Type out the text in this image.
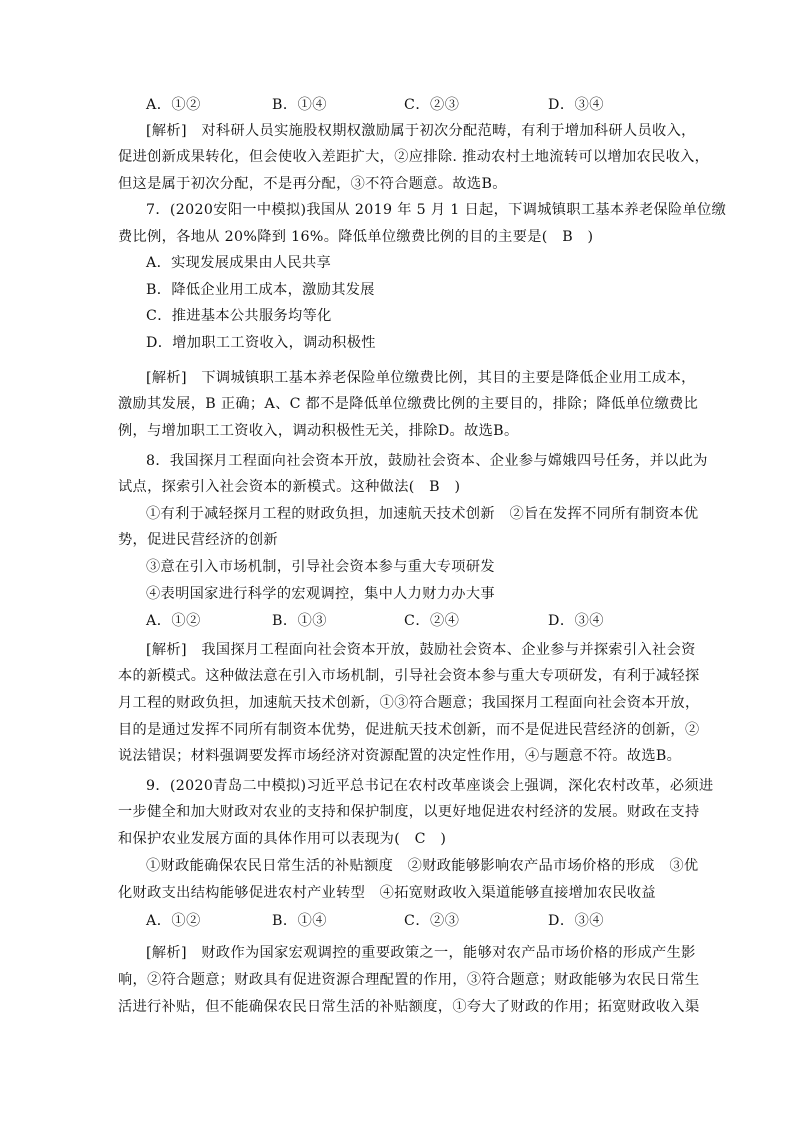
A．①②	B．①④	C．②③	D．③④
[解析]　对科研人员实施股权期权激励属于初次分配范畴，有利于增加科研人员收入，
促进创新成果转化，但会使收入差距扩大，②应排除. 推动农村土地流转可以增加农民收入，
但这是属于初次分配，不是再分配，③不符合题意。故选B。
7．(2020安阳一中模拟)我国从 2019 年 5 月 1 日起，下调城镇职工基本养老保险单位缴
费比例，各地从 20%降到 16%。降低单位缴费比例的目的主要是(　B　)
A．实现发展成果由人民共享
B．降低企业用工成本，激励其发展
C．推进基本公共服务均等化
D．增加职工工资收入，调动积极性
[解析]　下调城镇职工基本养老保险单位缴费比例，其目的主要是降低企业用工成本，
激励其发展，B 正确；A、C 都不是降低单位缴费比例的主要目的，排除；降低单位缴费比
例，与增加职工工资收入，调动积极性无关，排除D。故选B。
8．我国探月工程面向社会资本开放，鼓励社会资本、企业参与嫦娥四号任务，并以此为
试点，探索引入社会资本的新模式。这种做法(　B　)
①有利于减轻探月工程的财政负担，加速航天技术创新　②旨在发挥不同所有制资本优
势，促进民营经济的创新
③意在引入市场机制，引导社会资本参与重大专项研发
④表明国家进行科学的宏观调控，集中人力财力办大事
A．①②	B．①③	C．②④	D．③④
[解析]　我国探月工程面向社会资本开放，鼓励社会资本、企业参与并探索引入社会资
本的新模式。这种做法意在引入市场机制，引导社会资本参与重大专项研发，有利于减轻探
月工程的财政负担，加速航天技术创新，①③符合题意；我国探月工程面向社会资本开放，
目的是通过发挥不同所有制资本优势，促进航天技术创新，而不是促进民营经济的创新，②
说法错误；材料强调要发挥市场经济对资源配置的决定性作用，④与题意不符。故选B。
9．(2020青岛二中模拟)习近平总书记在农村改革座谈会上强调，深化农村改革，必须进
一步健全和加大财政对农业的支持和保护制度，以更好地促进农村经济的发展。财政在支持
和保护农业发展方面的具体作用可以表现为(　C　)
①财政能确保农民日常生活的补贴额度　②财政能够影响农产品市场价格的形成　③优
化财政支出结构能够促进农村产业转型　④拓宽财政收入渠道能够直接增加农民收益
A．①②	B．①④	C．②③	D．③④
[解析]　财政作为国家宏观调控的重要政策之一，能够对农产品市场价格的形成产生影
响，②符合题意；财政具有促进资源合理配置的作用，③符合题意；财政能够为农民日常生
活进行补贴，但不能确保农民日常生活的补贴额度，①夸大了财政的作用；拓宽财政收入渠
